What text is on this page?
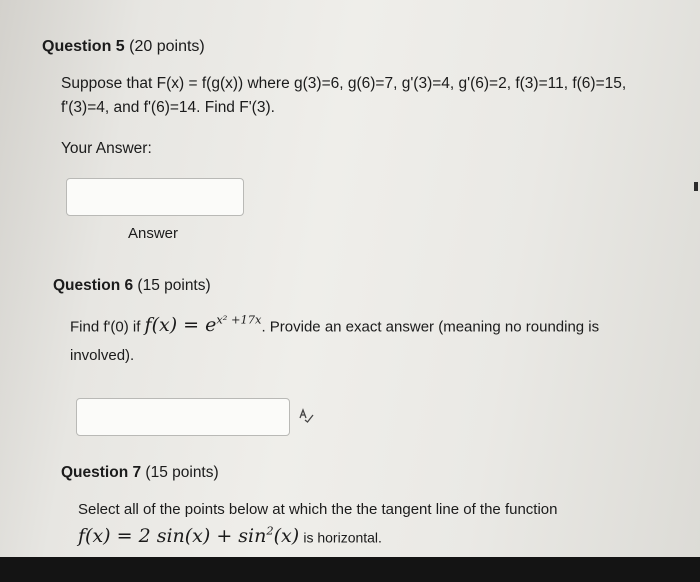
Question 5 (20 points)
Suppose that F(x) = f(g(x)) where g(3)=6, g(6)=7, g'(3)=4, g'(6)=2, f(3)=11, f(6)=15,
f'(3)=4, and f'(6)=14. Find F'(3).
Your Answer:
Answer
Question 6 (15 points)
Find f'(0) if $f(x) = e^{x^2 +17x}$. Provide an exact answer (meaning no rounding is
involved).
Question 7 (15 points)
Select all of the points below at which the the tangent line of the function
f(x) = 2 $\sin(x) + \sin^2(x)$ is horizontal.
